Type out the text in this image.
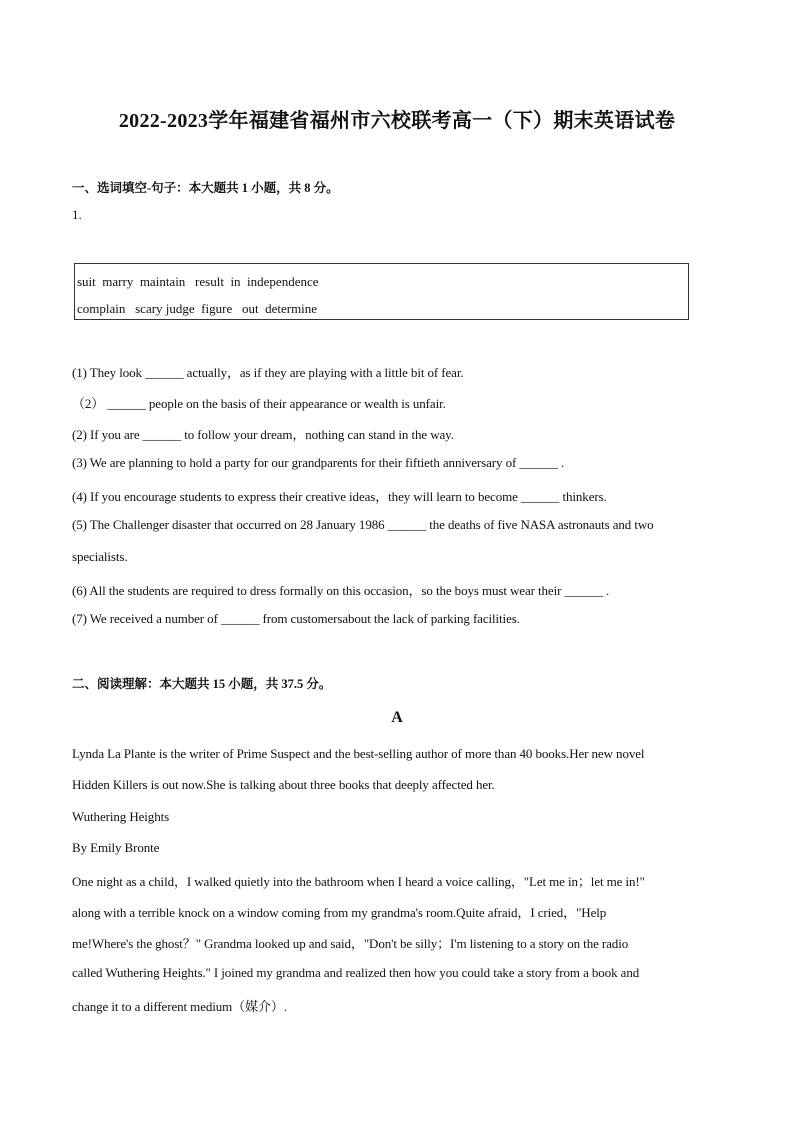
2022-2023学年福建省福州市六校联考高一（下）期末英语试卷
一、选词填空-句子：本大题共 1 小题，共 8 分。
1.
suit  marry  maintain   result  in  independence
complain   scary judge  figure   out  determine
(1) They look ______ actually，as if they are playing with a little bit of fear.
（2） ______ people on the basis of their appearance or wealth is unfair.
(2) If you are ______ to follow your dream，nothing can stand in the way.
(3) We are planning to hold a party for our grandparents for their fiftieth anniversary of ______ .
(4) If you encourage students to express their creative ideas，they will learn to become ______ thinkers.
(5) The Challenger disaster that occurred on 28 January 1986 ______ the deaths of five NASA astronauts and two
specialists.
(6) All the students are required to dress formally on this occasion，so the boys must wear their ______ .
(7) We received a number of ______ from customersabout the lack of parking facilities.
二、阅读理解：本大题共 15 小题，共 37.5 分。
A
Lynda La Plante is the writer of Prime Suspect and the best-selling author of more than 40 books.Her new novel
Hidden Killers is out now.She is talking about three books that deeply affected her.
Wuthering Heights
By Emily Bronte
One night as a child，I walked quietly into the bathroom when I heard a voice calling，"Let me in；let me in!"
along with a terrible knock on a window coming from my grandma's room.Quite afraid，I cried，"Help
me!Where's the ghost？" Grandma looked up and said，"Don't be silly；I'm listening to a story on the radio
called Wuthering Heights." I joined my grandma and realized then how you could take a story from a book and
change it to a different medium（媒介）.
